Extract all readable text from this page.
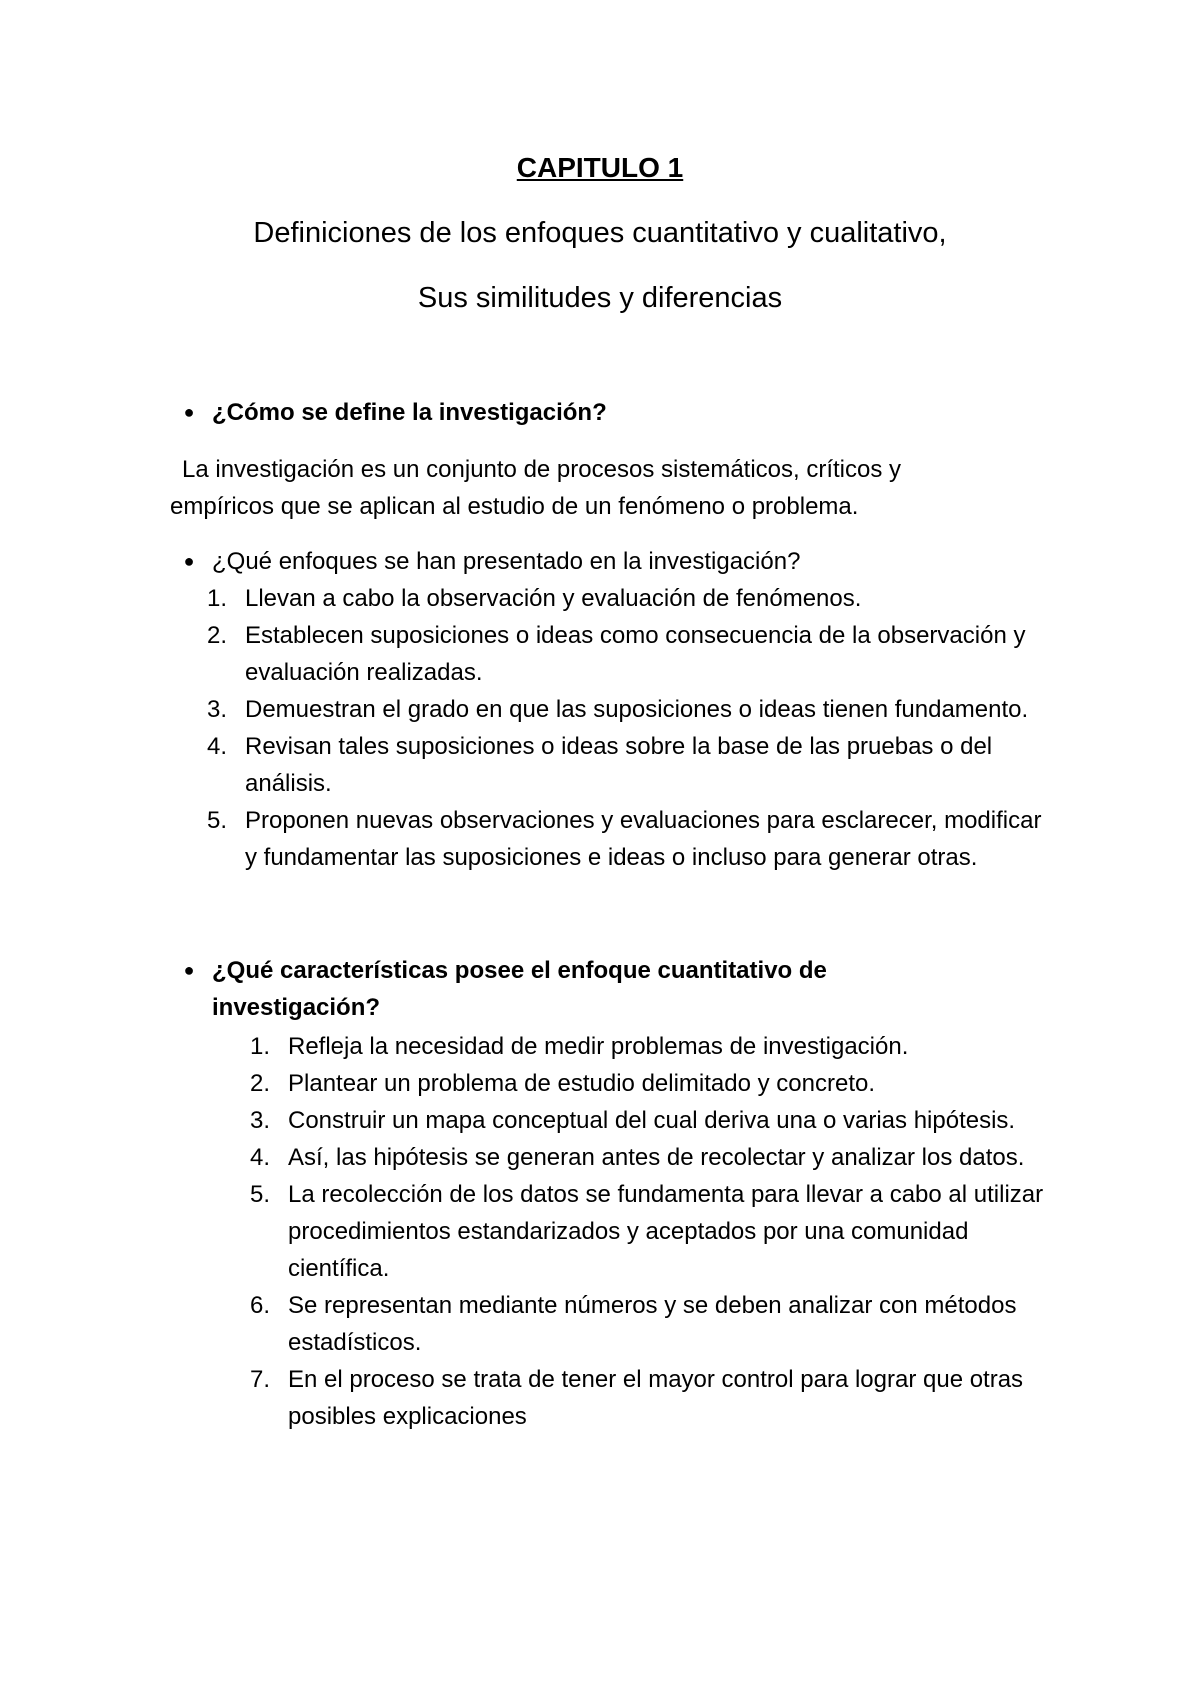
CAPITULO 1

Definiciones de los enfoques cuantitativo y cualitativo,

Sus similitudes y diferencias

● ¿Cómo se define la investigación?
La investigación es un conjunto de procesos sistemáticos, críticos y
empíricos que se aplican al estudio de un fenómeno o problema.
● ¿Qué enfoques se han presentado en la investigación?
1. Llevan a cabo la observación y evaluación de fenómenos.
2. Establecen suposiciones o ideas como consecuencia de la observación y evaluación realizadas.
3. Demuestran el grado en que las suposiciones o ideas tienen fundamento.
4. Revisan tales suposiciones o ideas sobre la base de las pruebas o del análisis.
5. Proponen nuevas observaciones y evaluaciones para esclarecer, modificar y fundamentar las suposiciones e ideas o incluso para generar otras.
● ¿Qué características posee el enfoque cuantitativo de
investigación?
1. Refleja la necesidad de medir problemas de investigación.
2. Plantear un problema de estudio delimitado y concreto.
3. Construir un mapa conceptual del cual deriva una o varias hipótesis.
4. Así, las hipótesis se generan antes de recolectar y analizar los datos.
5. La recolección de los datos se fundamenta para llevar a cabo al utilizar procedimientos estandarizados y aceptados por una comunidad científica.
6. Se representan mediante números y se deben analizar con métodos estadísticos.
7. En el proceso se trata de tener el mayor control para lograr que otras posibles explicaciones
